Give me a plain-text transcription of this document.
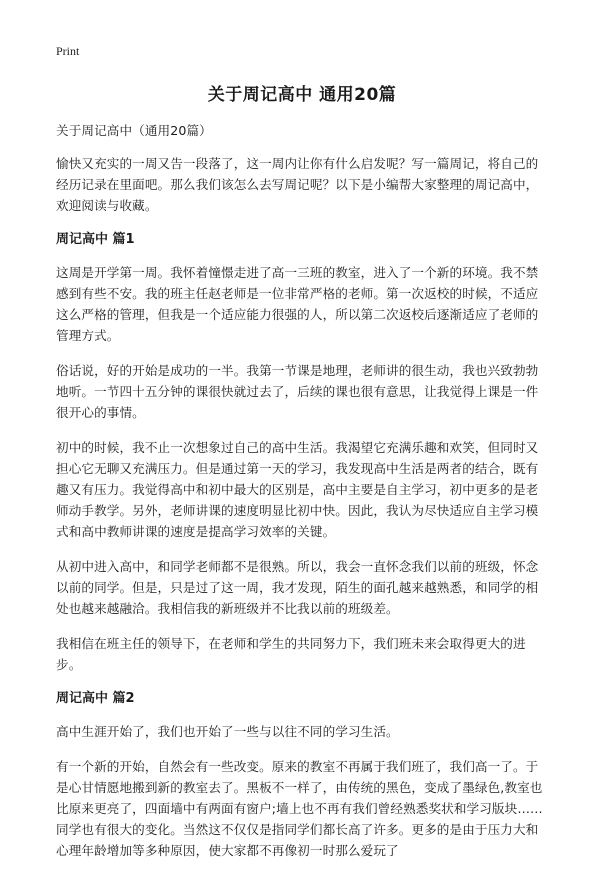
Print
关于周记高中 通用20篇

关于周记高中（通用20篇）

愉快又充实的一周又告一段落了，这一周内让你有什么启发呢？写一篇周记，将自己的经历记录在里面吧。那么我们该怎么去写周记呢？以下是小编帮大家整理的周记高中，欢迎阅读与收藏。

周记高中 篇1

这周是开学第一周。我怀着憧憬走进了高一三班的教室，进入了一个新的环境。我不禁感到有些不安。我的班主任赵老师是一位非常严格的老师。第一次返校的时候，不适应这么严格的管理，但我是一个适应能力很强的人，所以第二次返校后逐渐适应了老师的管理方式。

俗话说，好的开始是成功的一半。我第一节课是地理，老师讲的很生动，我也兴致勃勃地听。一节四十五分钟的课很快就过去了，后续的课也很有意思，让我觉得上课是一件很开心的事情。

初中的时候，我不止一次想象过自己的高中生活。我渴望它充满乐趣和欢笑，但同时又担心它无聊又充满压力。但是通过第一天的学习，我发现高中生活是两者的结合，既有趣又有压力。我觉得高中和初中最大的区别是，高中主要是自主学习，初中更多的是老师动手教学。另外，老师讲课的速度明显比初中快。因此，我认为尽快适应自主学习模式和高中教师讲课的速度是提高学习效率的关键。

从初中进入高中，和同学老师都不是很熟。所以，我会一直怀念我们以前的班级，怀念以前的同学。但是，只是过了这一周，我才发现，陌生的面孔越来越熟悉，和同学的相处也越来越融洽。我相信我的新班级并不比我以前的班级差。

我相信在班主任的领导下，在老师和学生的共同努力下，我们班未来会取得更大的进步。

周记高中 篇2

高中生涯开始了，我们也开始了一些与以往不同的学习生活。

有一个新的开始，自然会有一些改变。原来的教室不再属于我们班了，我们高一了。于是心甘情愿地搬到新的教室去了。黑板不一样了，由传统的黑色，变成了墨绿色,教室也比原来更亮了，四面墙中有两面有窗户;墙上也不再有我们曾经熟悉奖状和学习版块……同学也有很大的变化。当然这不仅仅是指同学们都长高了许多。更多的是由于压力大和心理年龄增加等多种原因，使大家都不再像初一时那么爱玩了
